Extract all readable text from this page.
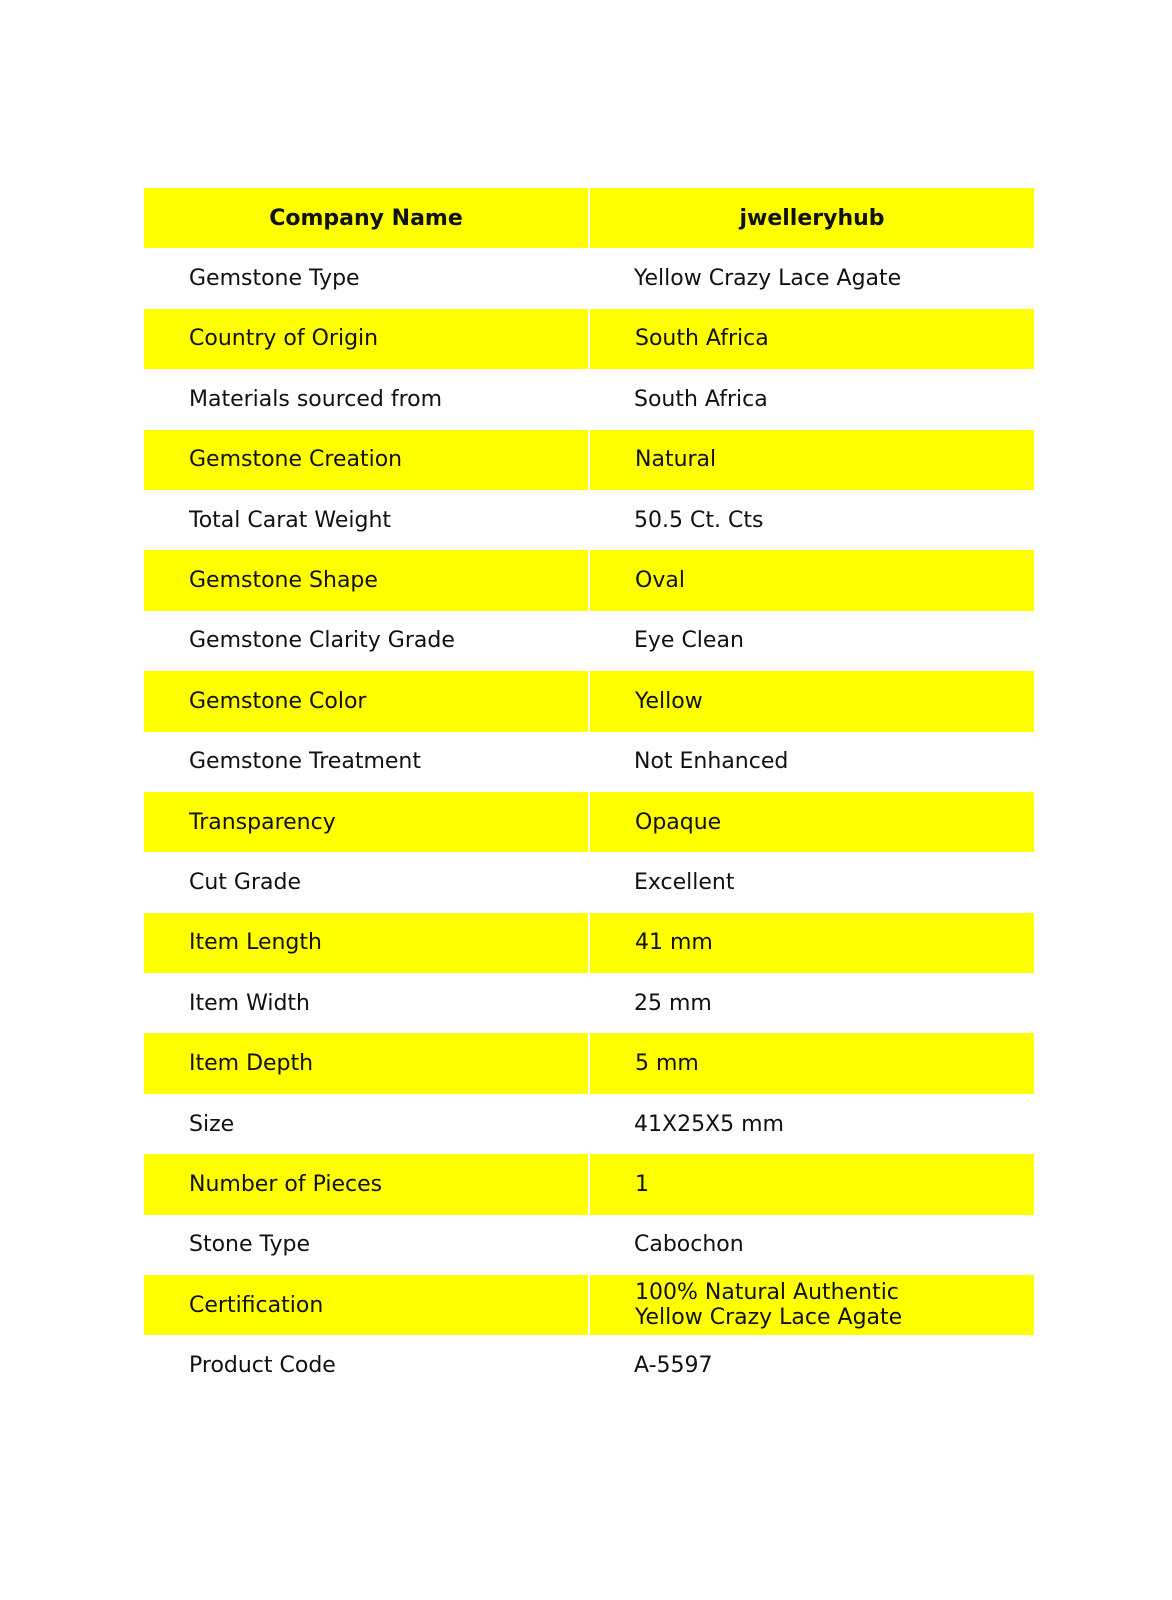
Company Name	jwelleryhub
Gemstone Type	Yellow Crazy Lace Agate
Country of Origin	South Africa
Materials sourced from	South Africa
Gemstone Creation	Natural
Total Carat Weight	50.5 Ct. Cts
Gemstone Shape	Oval
Gemstone Clarity Grade	Eye Clean
Gemstone Color	Yellow
Gemstone Treatment	Not Enhanced
Transparency	Opaque
Cut Grade	Excellent
Item Length	41 mm
Item Width	25 mm
Item Depth	5 mm
Size	41X25X5 mm
Number of Pieces	1
Stone Type	Cabochon
Certification	100% Natural Authentic
Yellow Crazy Lace Agate
Product Code	A-5597
